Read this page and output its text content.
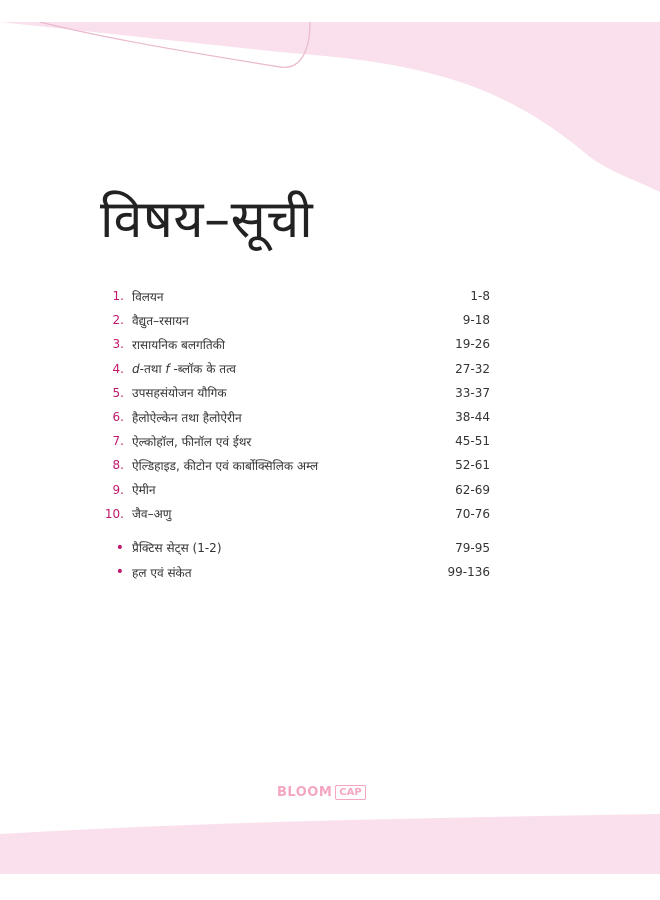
विषय–सूची
1. विलयन	1-8
2. वैद्युत–रसायन	9-18
3. रासायनिक बलगतिकी	19-26
4. d-तथा f -ब्लॉक के तत्व	27-32
5. उपसहसंयोजन यौगिक	33-37
6. हैलोऐल्केन तथा हैलोऐरीन	38-44
7. ऐल्कोहॉल, फीनॉल एवं ईथर	45-51
8. ऐल्डिहाइड, कीटोन एवं कार्बोक्सिलिक अम्ल	52-61
9. ऐमीन	62-69
10. जैव–अणु	70-76
• प्रैक्टिस सेट्स (1-2)	79-95
• हल एवं संकेत	99-136
BLOOM CAP
